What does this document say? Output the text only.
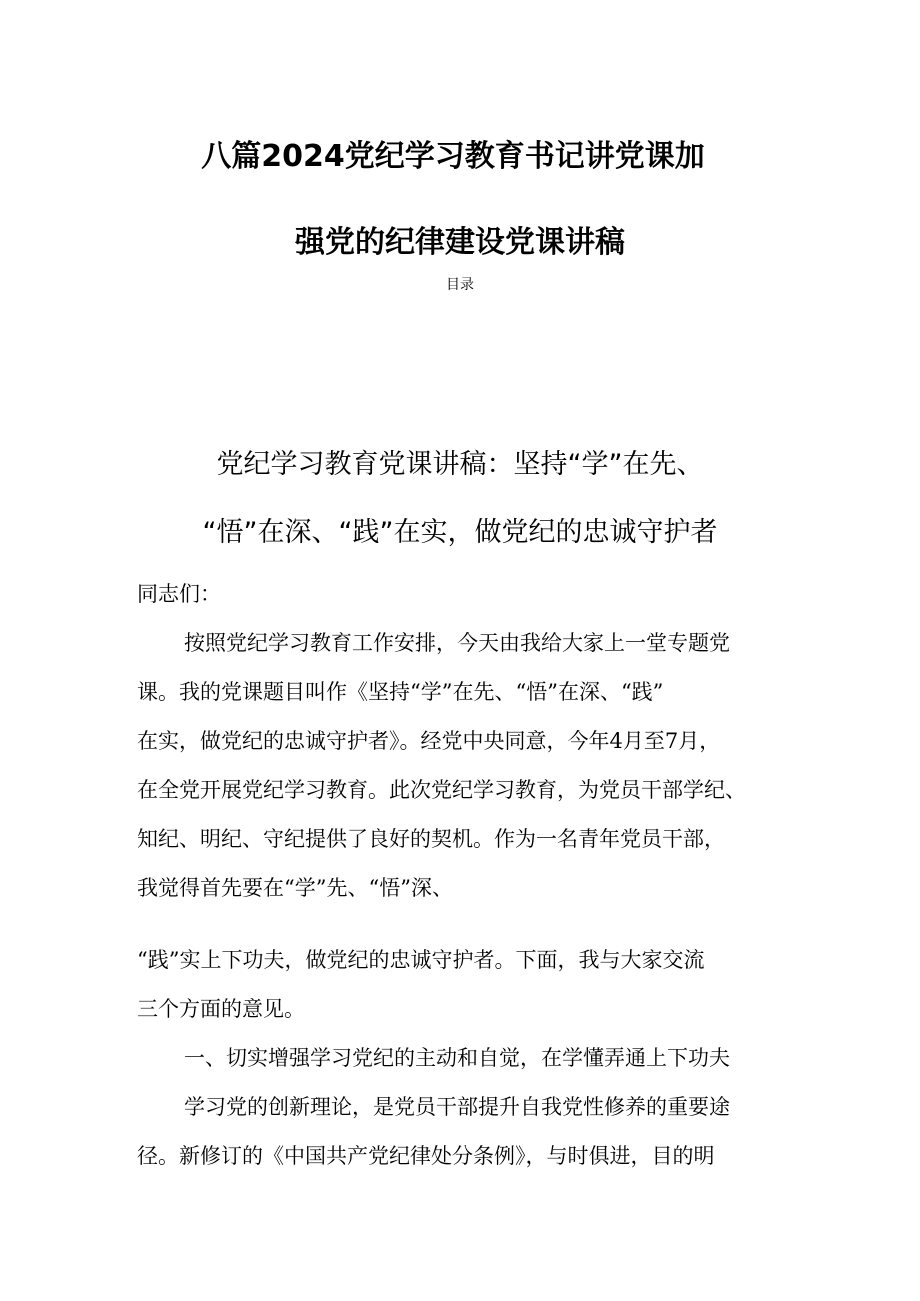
八篇2024党纪学习教育书记讲党课加
强党的纪律建设党课讲稿
目录
党纪学习教育党课讲稿：坚持“学”在先、
“悟”在深、“践”在实，做党纪的忠诚守护者
同志们：
按照党纪学习教育工作安排，今天由我给大家上一堂专题党
课。我的党课题目叫作《坚持“学”在先、“悟”在深、“践”
在实，做党纪的忠诚守护者》。经党中央同意，今年4月至7月，
在全党开展党纪学习教育。此次党纪学习教育，为党员干部学纪、
知纪、明纪、守纪提供了良好的契机。作为一名青年党员干部，
我觉得首先要在“学”先、“悟”深、
“践”实上下功夫，做党纪的忠诚守护者。下面，我与大家交流
三个方面的意见。
一、切实增强学习党纪的主动和自觉，在学懂弄通上下功夫
学习党的创新理论，是党员干部提升自我党性修养的重要途
径。新修订的《中国共产党纪律处分条例》，与时俱进，目的明
